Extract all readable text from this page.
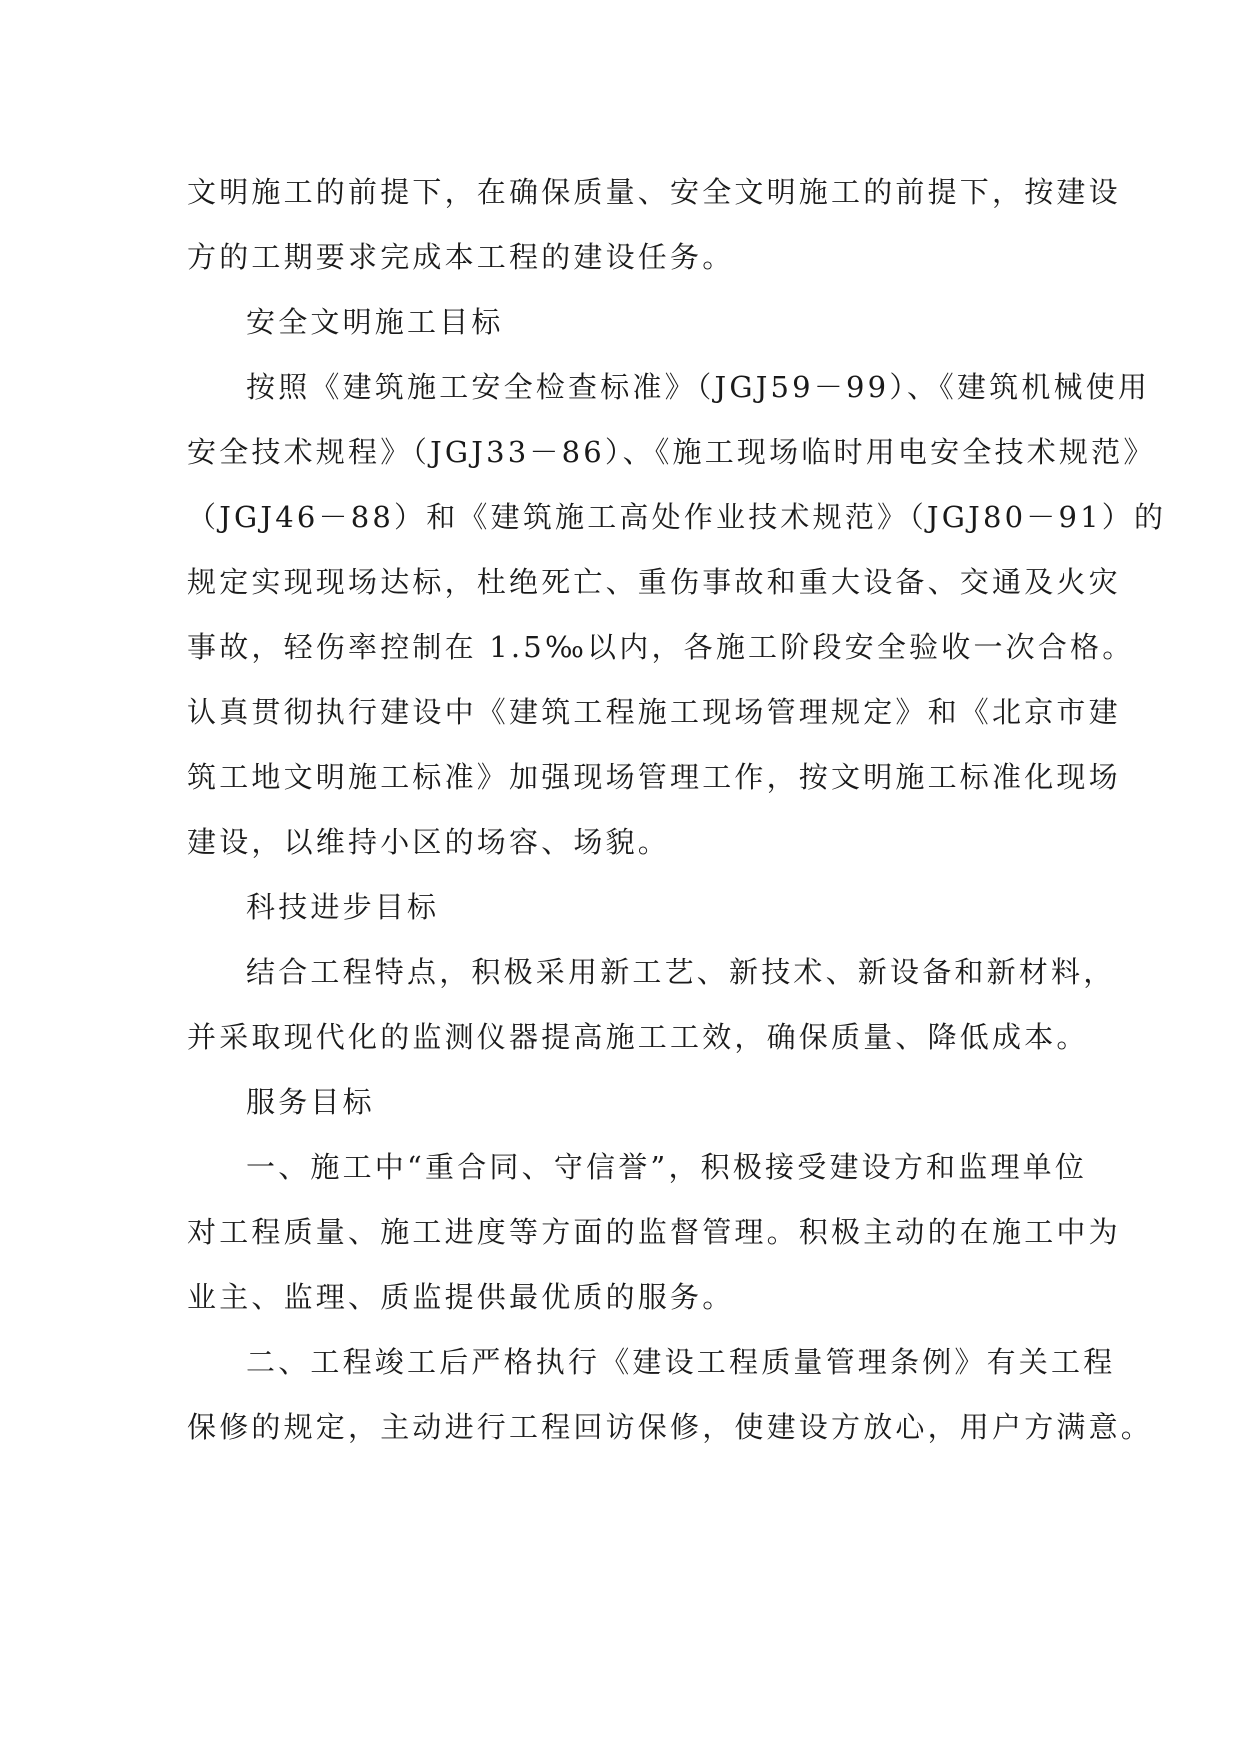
文明施工的前提下，在确保质量、安全文明施工的前提下，按建设
方的工期要求完成本工程的建设任务。
安全文明施工目标
按照《建筑施工安全检查标准》（JGJ59－99）、《建筑机械使用
安全技术规程》（JGJ33－86）、《施工现场临时用电安全技术规范》
（JGJ46－88）和《建筑施工高处作业技术规范》（JGJ80－91）的
规定实现现场达标，杜绝死亡、重伤事故和重大设备、交通及火灾
事故，轻伤率控制在 1.5‰以内，各施工阶段安全验收一次合格。
认真贯彻执行建设中《建筑工程施工现场管理规定》和《北京市建
筑工地文明施工标准》加强现场管理工作，按文明施工标准化现场
建设，以维持小区的场容、场貌。
科技进步目标
结合工程特点，积极采用新工艺、新技术、新设备和新材料，
并采取现代化的监测仪器提高施工工效，确保质量、降低成本。
服务目标
一、施工中“重合同、守信誉”，积极接受建设方和监理单位
对工程质量、施工进度等方面的监督管理。积极主动的在施工中为
业主、监理、质监提供最优质的服务。
二、工程竣工后严格执行《建设工程质量管理条例》有关工程
保修的规定，主动进行工程回访保修，使建设方放心，用户方满意。
